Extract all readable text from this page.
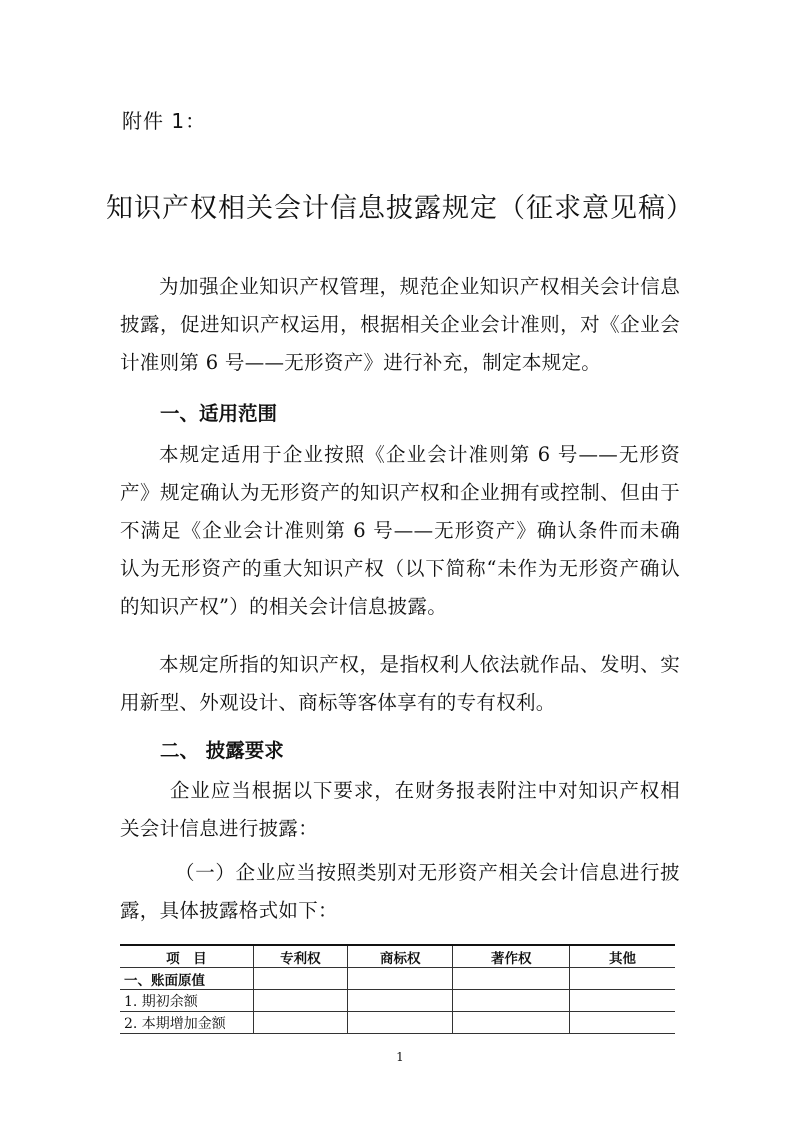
附件 1：
知识产权相关会计信息披露规定（征求意见稿）
为加强企业知识产权管理，规范企业知识产权相关会计信息披露，促进知识产权运用，根据相关企业会计准则，对《企业会计准则第 6 号——无形资产》进行补充，制定本规定。
一、适用范围
本规定适用于企业按照《企业会计准则第 6 号——无形资产》规定确认为无形资产的知识产权和企业拥有或控制、但由于不满足《企业会计准则第 6 号——无形资产》确认条件而未确认为无形资产的重大知识产权（以下简称“未作为无形资产确认的知识产权”）的相关会计信息披露。
本规定所指的知识产权，是指权利人依法就作品、发明、实用新型、外观设计、商标等客体享有的专有权利。
二、 披露要求
企业应当根据以下要求，在财务报表附注中对知识产权相关会计信息进行披露：
（一）企业应当按照类别对无形资产相关会计信息进行披露，具体披露格式如下：
项　目	专利权	商标权	著作权	其他
一、账面原值				
1. 期初余额				
2. 本期增加金额				
1
